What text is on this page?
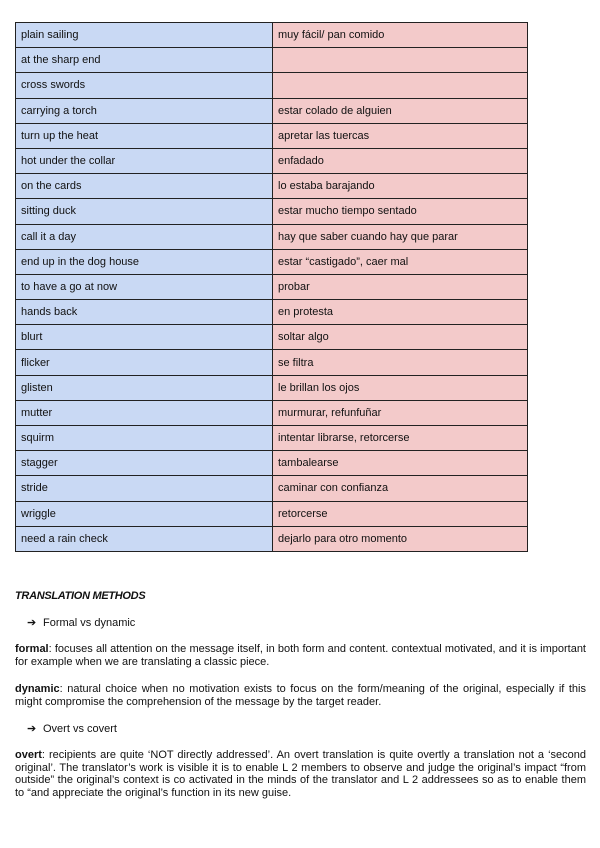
plain sailing	muy fácil/ pan comido
at the sharp end	
cross swords	
carrying a torch	estar colado de alguien
turn up the heat	apretar las tuercas
hot under the collar	enfadado
on the cards	lo estaba barajando
sitting duck	estar mucho tiempo sentado
call it a day	hay que saber cuando hay que parar
end up in the dog house	estar “castigado”, caer mal
to have a go at now	probar
hands back	en protesta
blurt	soltar algo
flicker	se filtra
glisten	le brillan los ojos
mutter	murmurar, refunfuñar
squirm	intentar librarse, retorcerse
stagger	tambalearse
stride	caminar con confianza
wriggle	retorcerse
need a rain check	dejarlo para otro momento
TRANSLATION METHODS
➔ Formal vs dynamic
formal: focuses all attention on the message itself, in both form and content. contextual motivated, and it is important for example when we are translating a classic piece.
dynamic: natural choice when no motivation exists to focus on the form/meaning of the original, especially if this might compromise the comprehension of the message by the target reader.
➔ Overt vs covert
overt: recipients are quite ‘NOT directly addressed’. An overt translation is quite overtly a translation not a ‘second original’. The translator’s work is visible it is to enable L 2 members to observe and judge the original’s impact “from outside” the original’s context is co activated in the minds of the translator and L 2 addressees so as to enable them to “and appreciate the original’s function in its new guise.
